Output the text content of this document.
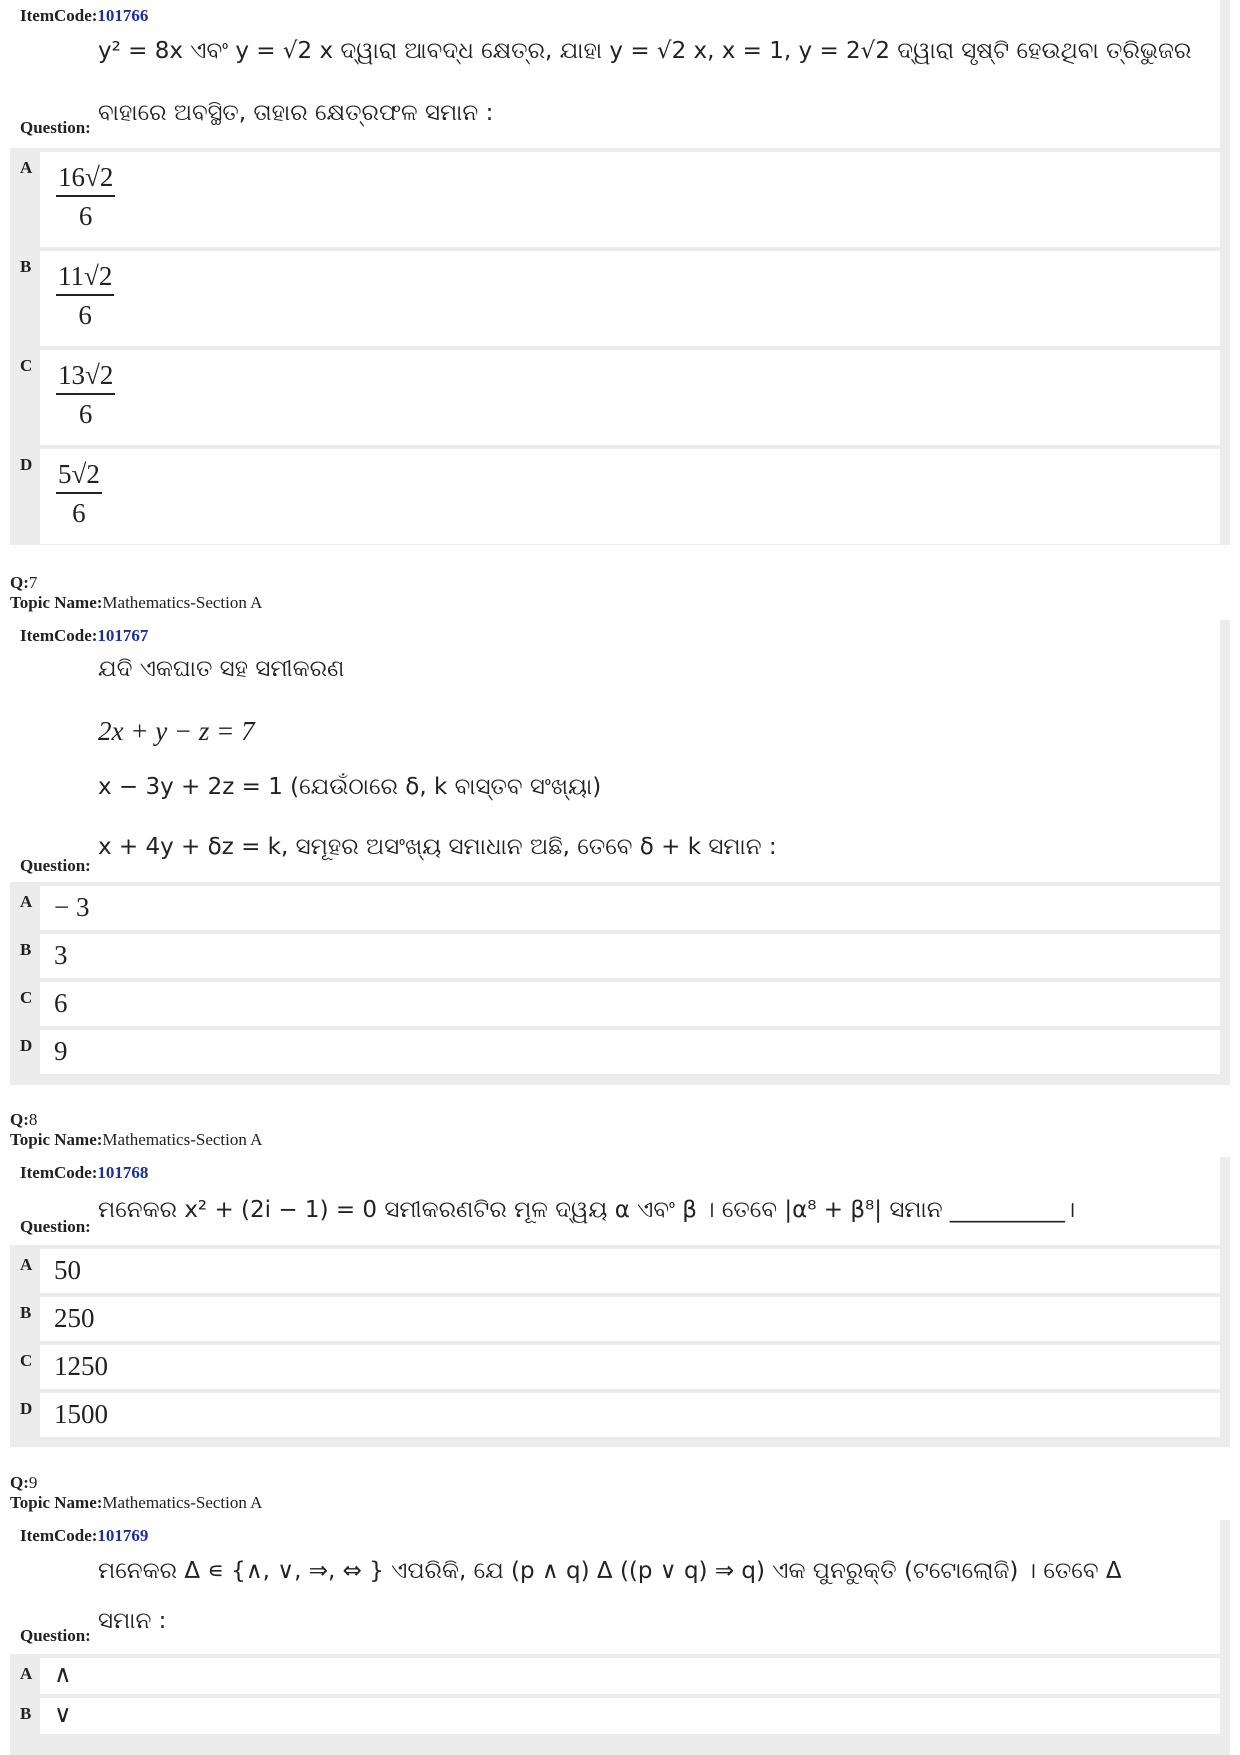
ItemCode:101766
y² = 8x ଏବଂ y = √2 x ଦ୍ୱାରା ଆବଦ୍ଧ କ୍ଷେତ୍ର, ଯାହା y = √2 x, x = 1, y = 2√2 ଦ୍ୱାରା ସୃଷ୍ଟି ହେଉଥିବା ତ୍ରିଭୁଜର
ବାହାରେ ଅବସ୍ଥିତ, ତାହାର କ୍ଷେତ୍ରଫଳ ସମାନ :
Question:
A $\frac{16√2}{6}$
B $\frac{11√2}{6}$
C $\frac{13√2}{6}$
D $\frac{5√2}{6}$
Q:7
Topic Name:Mathematics-Section A
ItemCode:101767
ଯଦି ଏକଘାତ ସହ ସମୀକରଣ
2x + y − z = 7
x − 3y + 2z = 1 (ଯେଉଁଠାରେ δ, k ବାସ୍ତବ ସଂଖ୍ୟା)
x + 4y + δz = k, ସମୂହର ଅସଂଖ୍ୟ ସମାଧାନ ଅଛି, ତେବେ δ + k ସମାନ :
Question:
A − 3
B 3
C 6
D 9
Q:8
Topic Name:Mathematics-Section A
ItemCode:101768
ମନେକର x² + (2i − 1) = 0 ସମୀକରଣଟିର ମୂଳ ଦ୍ୱୟ α ଏବଂ β । ତେବେ |α⁸ + β⁸| ସମାନ __________।
Question:
A 50
B 250
C 1250
D 1500
Q:9
Topic Name:Mathematics-Section A
ItemCode:101769
ମନେକର Δ ∊ {∧, ∨, ⇒, ⇔ } ଏପରିକି, ଯେ (p ∧ q) Δ ((p ∨ q) ⇒ q) ଏକ ପୁନରୁକ୍ତି (ଟଟୋଲୋଜି) । ତେବେ Δ
ସମାନ :
Question:
A ∧
B ∨
